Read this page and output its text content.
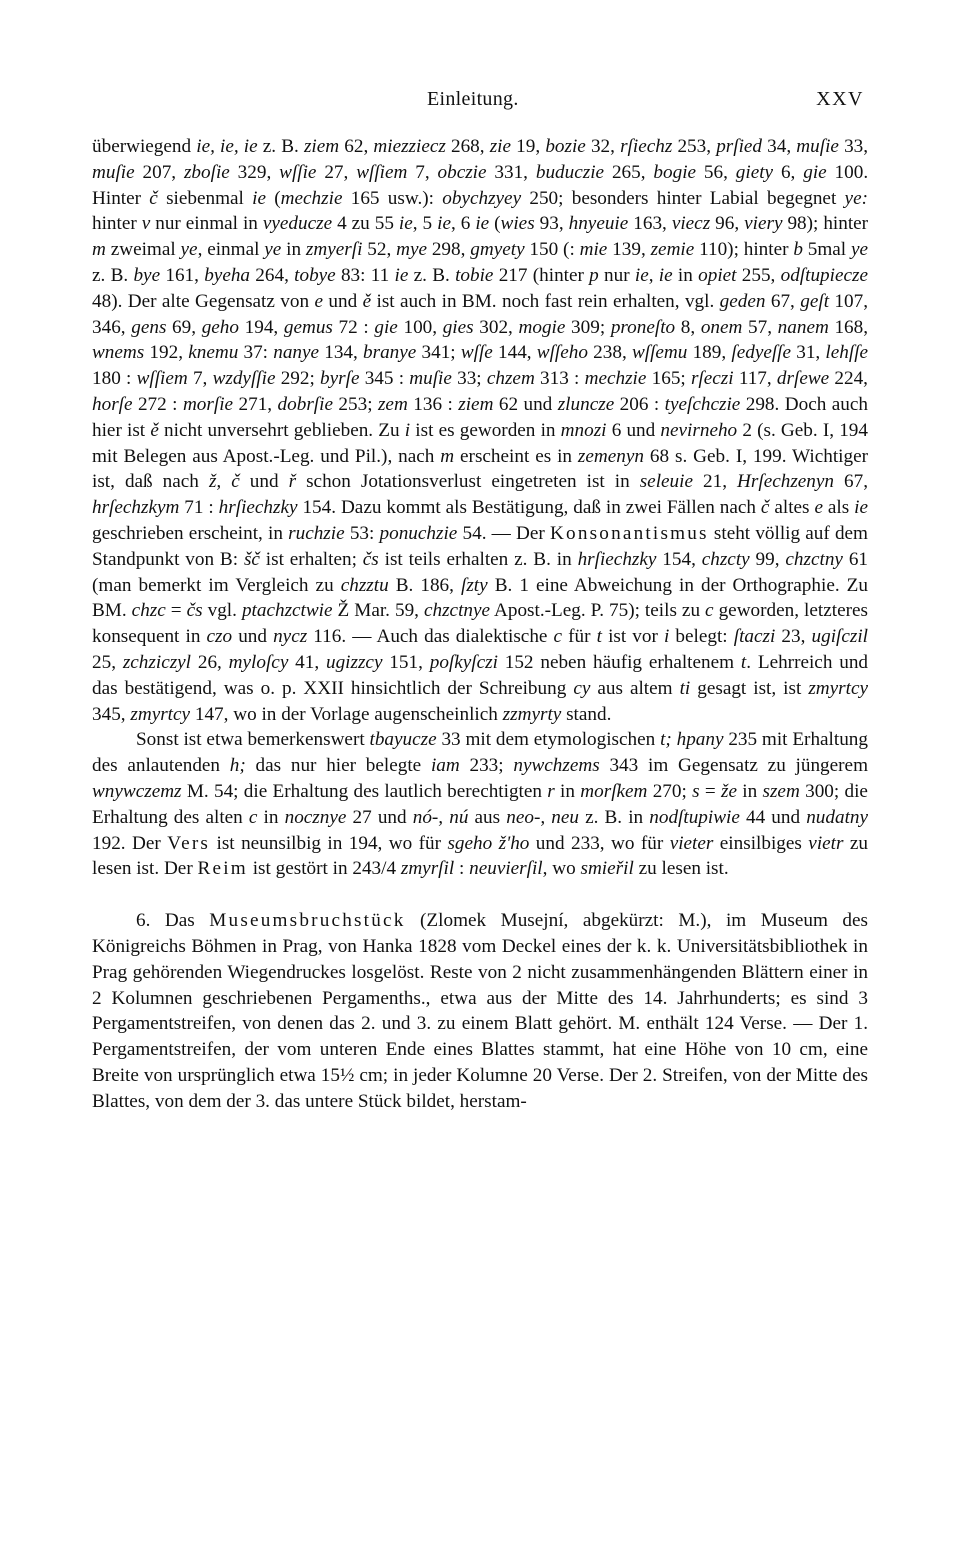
Einleitung.	XXV

überwiegend ie, ie, ie z. B. ziem 62, miezziecz 268, zie 19, bozie 32, rſiechz 253, prſied 34, muſie 33, muſie 207, zboſie 329, wſſie 27, wſſiem 7, obczie 331, buduczie 265, bogie 56, giety 6, gie 100. Hinter č siebenmal ie (mechzie 165 usw.): obychzyey 250; besonders hinter Labial begegnet ye: hinter v nur einmal in vyeducze 4 zu 55 ie, 5 ie, 6 ie (wies 93, hnyeuie 163, viecz 96, viery 98); hinter m zweimal ye, einmal ye in zmyerſi 52, mye 298, gmyety 150 (: mie 139, zemie 110); hinter b 5mal ye z. B. bye 161, byeha 264, tobye 83: 11 ie z. B. tobie 217 (hinter p nur ie, ie in opiet 255, odſtupiecze 48). Der alte Gegensatz von e und ě ist auch in BM. noch fast rein erhalten, vgl. geden 67, geſt 107, 346, gens 69, geho 194, gemus 72 : gie 100, gies 302, mogie 309; proneſto 8, onem 57, nanem 168, wnems 192, knemu 37: nanye 134, branye 341; wſſe 144, wſſeho 238, wſſemu 189, ſedyeſſe 31, lehſſe 180 : wſſiem 7, wzdyſſie 292; byrſe 345 : muſie 33; chzem 313 : mechzie 165; rſeczi 117, drſewe 224, horſe 272 : morſie 271, dobrſie 253; zem 136 : ziem 62 und zluncze 206 : tyeſchczie 298. Doch auch hier ist ě nicht unversehrt geblieben. Zu i ist es geworden in mnozi 6 und nevirneho 2 (s. Geb. I, 194 mit Belegen aus Apost.-Leg. und Pil.), nach m erscheint es in zemenyn 68 s. Geb. I, 199. Wichtiger ist, daß nach ž, č und ř schon Jotationsverlust eingetreten ist in seleuie 21, Hrſechzenyn 67, hrſechzkym 71 : hrſiechzky 154. Dazu kommt als Bestätigung, daß in zwei Fällen nach č altes e als ie geschrieben erscheint, in ruchzie 53: ponuchzie 54. — Der Konsonantismus steht völlig auf dem Standpunkt von B: šč ist erhalten; čs ist teils erhalten z. B. in hrſiechzky 154, chzcty 99, chzctny 61 (man bemerkt im Vergleich zu chzztu B. 186, ſzty B. 1 eine Abweichung in der Orthographie. Zu BM. chzc = čs vgl. ptachzctwie Ž Mar. 59, chzctnye Apost.-Leg. P. 75); teils zu c geworden, letzteres konsequent in czo und nycz 116. — Auch das dialektische c für t ist vor i belegt: ſtaczi 23, ugiſczil 25, zchziczyl 26, myloſcy 41, ugizzcy 151, poſkyſczi 152 neben häufig erhaltenem t. Lehrreich und das bestätigend, was o. p. XXII hinsichtlich der Schreibung cy aus altem ti gesagt ist, ist zmyrtcy 345, zmyrtcy 147, wo in der Vorlage augenscheinlich zzmyrty stand.

Sonst ist etwa bemerkenswert tbayucze 33 mit dem etymologischen t; hpany 235 mit Erhaltung des anlautenden h; das nur hier belegte iam 233; nywchzems 343 im Gegensatz zu jüngerem wnywczemz M. 54; die Erhaltung des lautlich berechtigten r in morſkem 270; s = že in szem 300; die Erhaltung des alten c in nocznye 27 und nó-, nú aus neo-, neu z. B. in nodſtupiwie 44 und nudatny 192. Der Vers ist neunsilbig in 194, wo für sgeho ž'ho und 233, wo für vieter einsilbiges vietr zu lesen ist. Der Reim ist gestört in 243/4 zmyrſil : neuvierſil, wo smieřil zu lesen ist.

6. Das Museumsbruchstück (Zlomek Musejní, abgekürzt: M.), im Museum des Königreichs Böhmen in Prag, von Hanka 1828 vom Deckel eines der k. k. Universitätsbibliothek in Prag gehörenden Wiegendruckes losgelöst. Reste von 2 nicht zusammenhängenden Blättern einer in 2 Kolumnen geschriebenen Pergamenths., etwa aus der Mitte des 14. Jahrhunderts; es sind 3 Pergamentstreifen, von denen das 2. und 3. zu einem Blatt gehört. M. enthält 124 Verse. — Der 1. Pergamentstreifen, der vom unteren Ende eines Blattes stammt, hat eine Höhe von 10 cm, eine Breite von ursprünglich etwa 15½ cm; in jeder Kolumne 20 Verse. Der 2. Streifen, von der Mitte des Blattes, von dem der 3. das untere Stück bildet, herstam-
